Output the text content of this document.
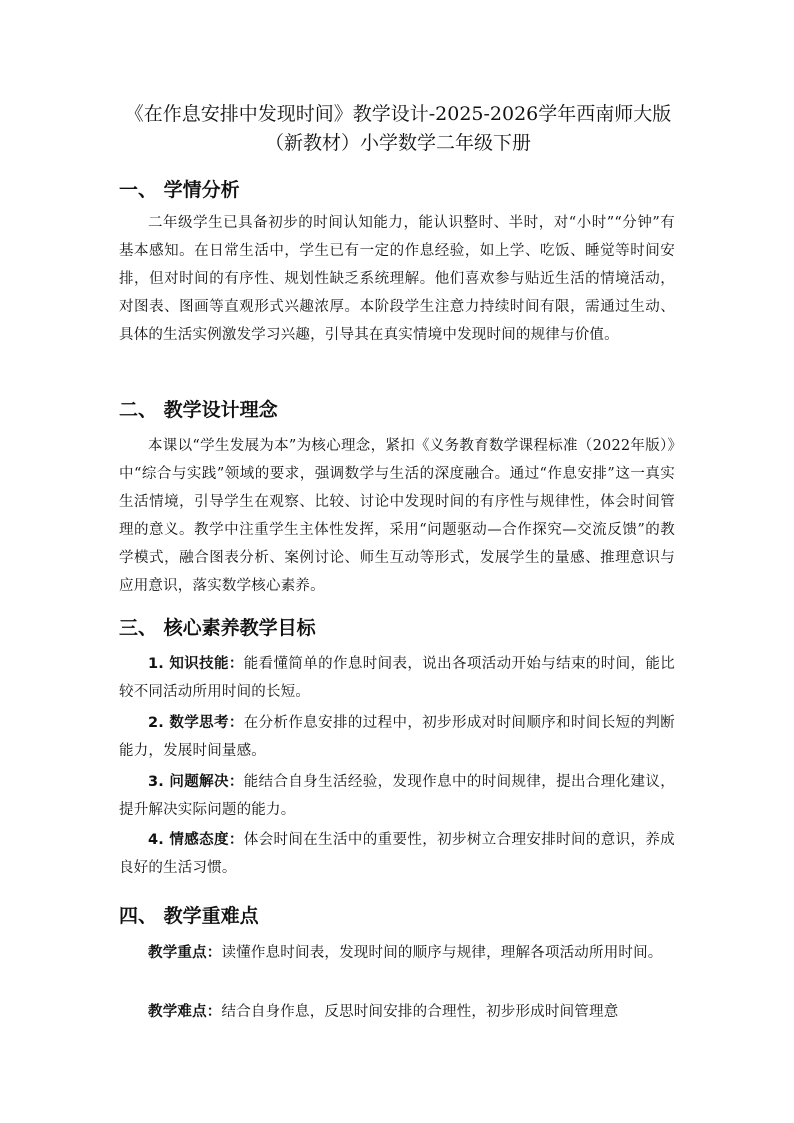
《在作息安排中发现时间》教学设计-2025-2026学年西南师大版（新教材）小学数学二年级下册
一、 学情分析

二年级学生已具备初步的时间认知能力，能认识整时、半时，对“小时”“分钟”有基本感知。在日常生活中，学生已有一定的作息经验，如上学、吃饭、睡觉等时间安排，但对时间的有序性、规划性缺乏系统理解。他们喜欢参与贴近生活的情境活动，对图表、图画等直观形式兴趣浓厚。本阶段学生注意力持续时间有限，需通过生动、具体的生活实例激发学习兴趣，引导其在真实情境中发现时间的规律与价值。

二、 教学设计理念

本课以“学生发展为本”为核心理念，紧扣《义务教育数学课程标准（2022年版）》中“综合与实践”领域的要求，强调数学与生活的深度融合。通过“作息安排”这一真实生活情境，引导学生在观察、比较、讨论中发现时间的有序性与规律性，体会时间管理的意义。教学中注重学生主体性发挥，采用“问题驱动—合作探究—交流反馈”的教学模式，融合图表分析、案例讨论、师生互动等形式，发展学生的量感、推理意识与应用意识，落实数学核心素养。

三、 核心素养教学目标

1. 知识技能：能看懂简单的作息时间表，说出各项活动开始与结束的时间，能比较不同活动所用时间的长短。

2. 数学思考：在分析作息安排的过程中，初步形成对时间顺序和时间长短的判断能力，发展时间量感。

3. 问题解决：能结合自身生活经验，发现作息中的时间规律，提出合理化建议，提升解决实际问题的能力。

4. 情感态度：体会时间在生活中的重要性，初步树立合理安排时间的意识，养成良好的生活习惯。

四、 教学重难点

教学重点：读懂作息时间表，发现时间的顺序与规律，理解各项活动所用时间。

教学难点：结合自身作息，反思时间安排的合理性，初步形成时间管理意
